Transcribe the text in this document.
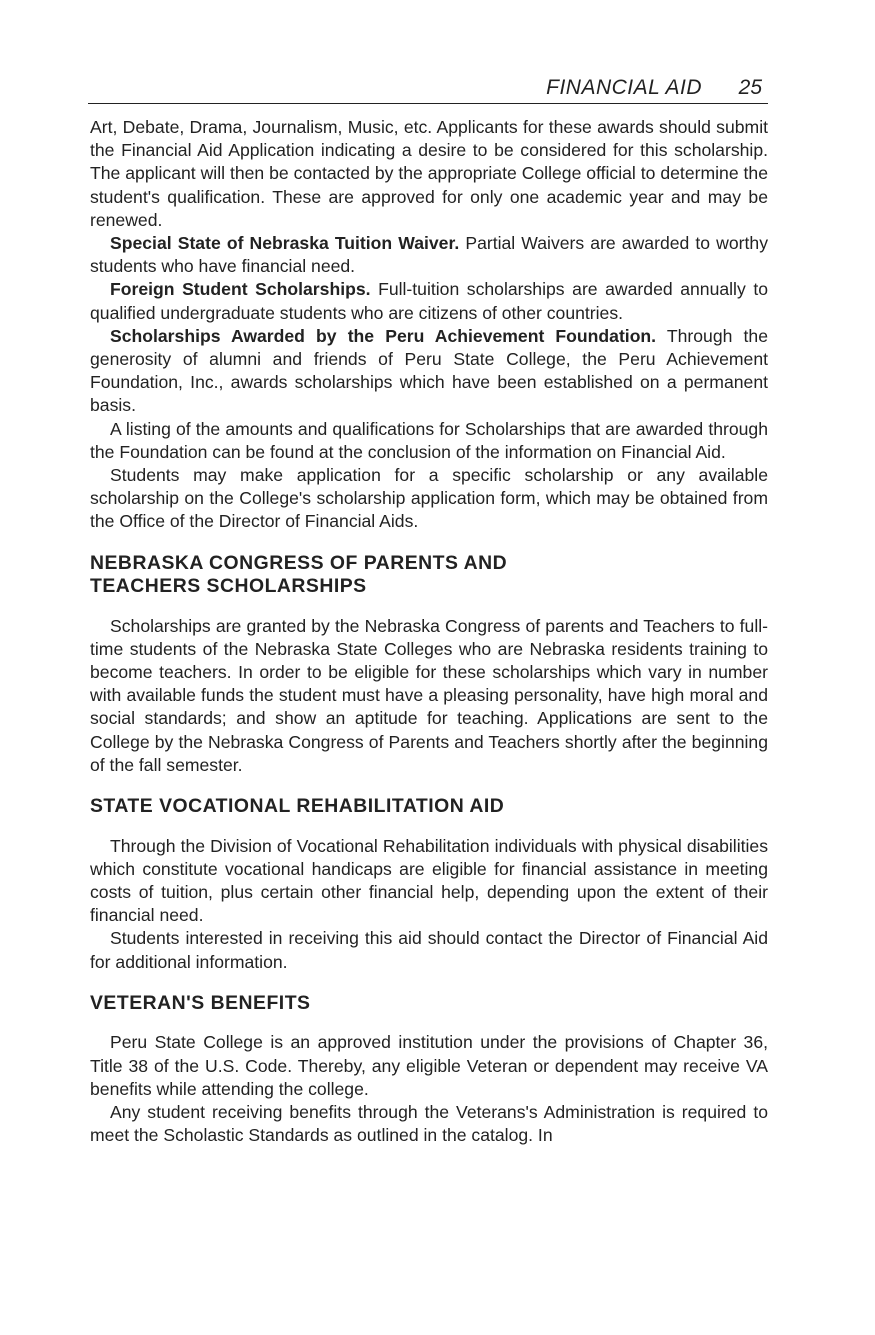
FINANCIAL AID 25

Art, Debate, Drama, Journalism, Music, etc. Applicants for these awards should submit the Financial Aid Application indicating a desire to be considered for this scholarship. The applicant will then be contacted by the appropriate College official to determine the student's qualification. These are approved for only one academic year and may be renewed.

Special State of Nebraska Tuition Waiver. Partial Waivers are awarded to worthy students who have financial need.

Foreign Student Scholarships. Full-tuition scholarships are awarded annually to qualified undergraduate students who are citizens of other countries.

Scholarships Awarded by the Peru Achievement Foundation. Through the generosity of alumni and friends of Peru State College, the Peru Achievement Foundation, Inc., awards scholarships which have been established on a permanent basis.

A listing of the amounts and qualifications for Scholarships that are awarded through the Foundation can be found at the conclusion of the information on Financial Aid.

Students may make application for a specific scholarship or any available scholarship on the College's scholarship application form, which may be obtained from the Office of the Director of Financial Aids.

NEBRASKA CONGRESS OF PARENTS AND
TEACHERS SCHOLARSHIPS

Scholarships are granted by the Nebraska Congress of parents and Teachers to full-time students of the Nebraska State Colleges who are Nebraska residents training to become teachers. In order to be eligible for these scholarships which vary in number with available funds the student must have a pleasing personality, have high moral and social standards; and show an aptitude for teaching. Applications are sent to the College by the Nebraska Congress of Parents and Teachers shortly after the beginning of the fall semester.

STATE VOCATIONAL REHABILITATION AID

Through the Division of Vocational Rehabilitation individuals with physical disabilities which constitute vocational handicaps are eligible for financial assistance in meeting costs of tuition, plus certain other financial help, depending upon the extent of their financial need.

Students interested in receiving this aid should contact the Director of Financial Aid for additional information.

VETERAN'S BENEFITS

Peru State College is an approved institution under the provisions of Chapter 36, Title 38 of the U.S. Code. Thereby, any eligible Veteran or dependent may receive VA benefits while attending the college.

Any student receiving benefits through the Veterans's Administration is required to meet the Scholastic Standards as outlined in the catalog. In
